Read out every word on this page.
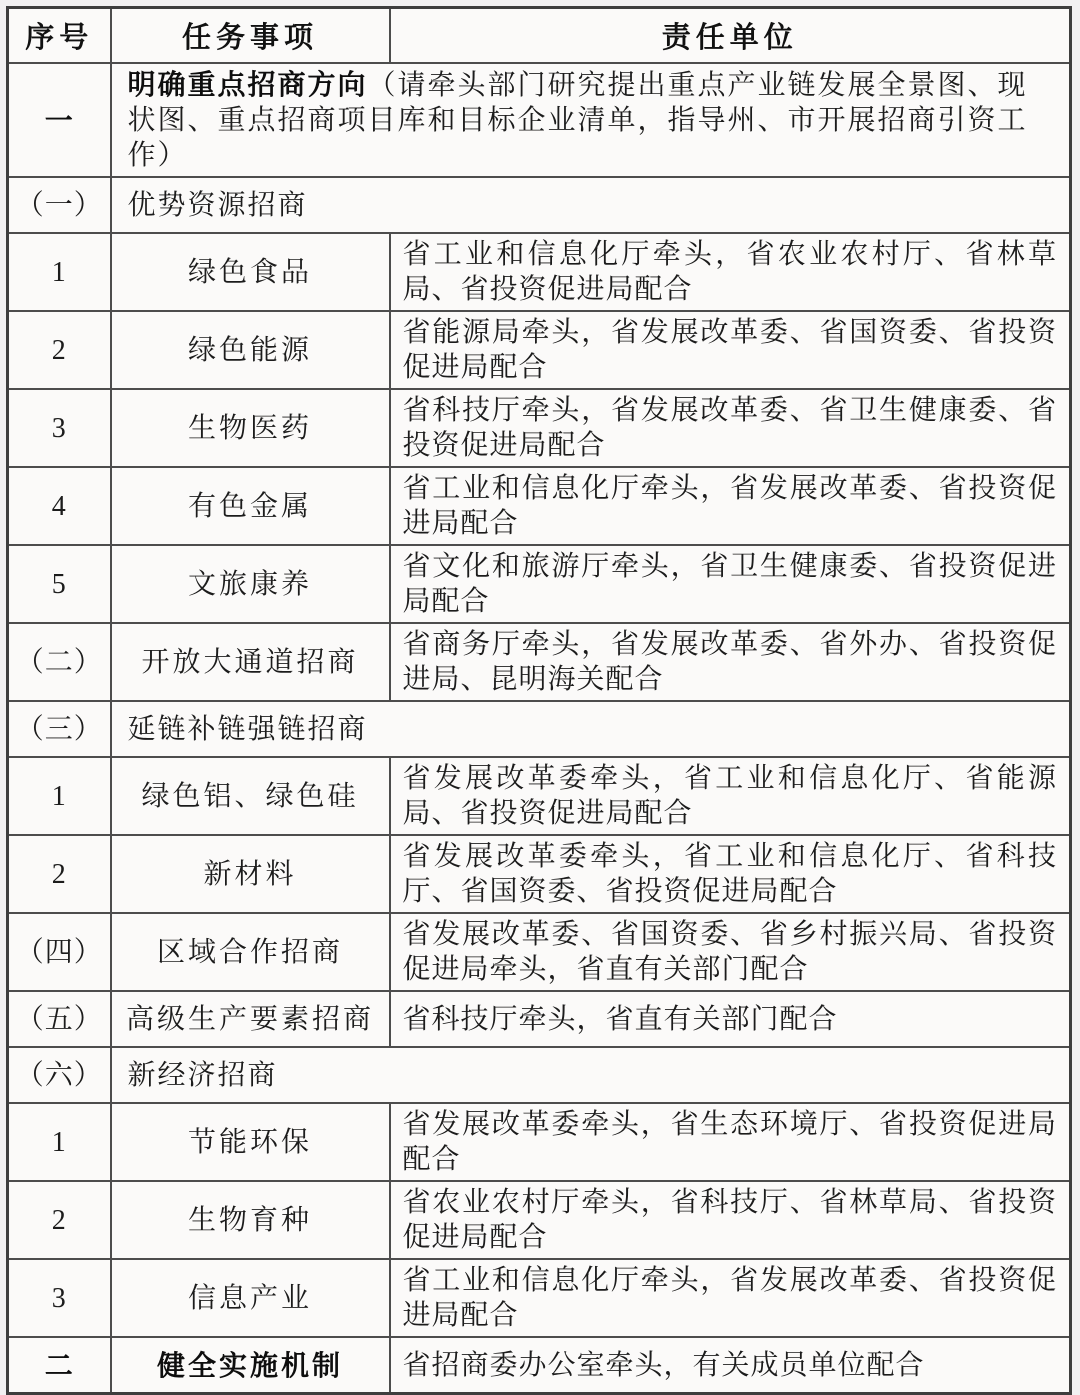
序号	任务事项	责任单位
一	明确重点招商方向（请牵头部门研究提出重点产业链发展全景图、现状图、重点招商项目库和目标企业清单，指导州、市开展招商引资工作）	
（一）	优势资源招商	
1	绿色食品	省工业和信息化厅牵头，省农业农村厅、省林草局、省投资促进局配合
2	绿色能源	省能源局牵头，省发展改革委、省国资委、省投资促进局配合
3	生物医药	省科技厅牵头，省发展改革委、省卫生健康委、省投资促进局配合
4	有色金属	省工业和信息化厅牵头，省发展改革委、省投资促进局配合
5	文旅康养	省文化和旅游厅牵头，省卫生健康委、省投资促进局配合
（二）	开放大通道招商	省商务厅牵头，省发展改革委、省外办、省投资促进局、昆明海关配合
（三）	延链补链强链招商	
1	绿色铝、绿色硅	省发展改革委牵头，省工业和信息化厅、省能源局、省投资促进局配合
2	新材料	省发展改革委牵头，省工业和信息化厅、省科技厅、省国资委、省投资促进局配合
（四）	区域合作招商	省发展改革委、省国资委、省乡村振兴局、省投资促进局牵头，省直有关部门配合
（五）	高级生产要素招商	省科技厅牵头，省直有关部门配合
（六）	新经济招商	
1	节能环保	省发展改革委牵头，省生态环境厅、省投资促进局配合
2	生物育种	省农业农村厅牵头，省科技厅、省林草局、省投资促进局配合
3	信息产业	省工业和信息化厅牵头，省发展改革委、省投资促进局配合
二	健全实施机制	省招商委办公室牵头，有关成员单位配合
